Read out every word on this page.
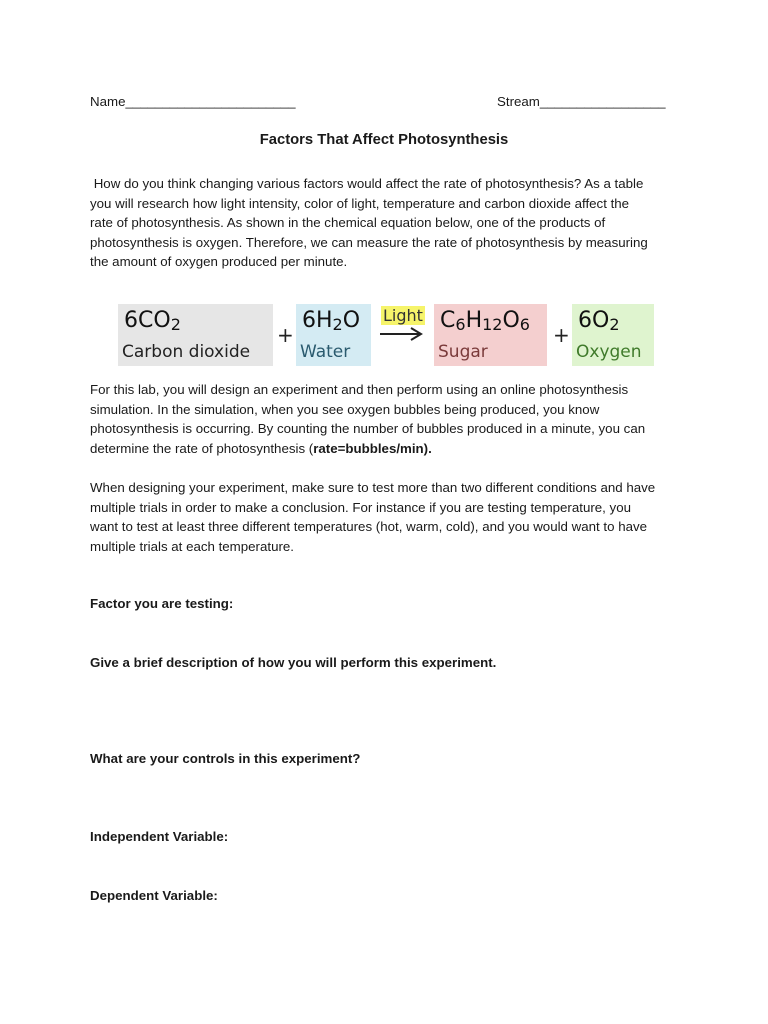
Name_______________________	Stream_________________
Factors That Affect Photosynthesis
How do you think changing various factors would affect the rate of photosynthesis? As a table
you will research how light intensity, color of light, temperature and carbon dioxide affect the
rate of photosynthesis. As shown in the chemical equation below, one of the products of
photosynthesis is oxygen. Therefore, we can measure the rate of photosynthesis by measuring
the amount of oxygen produced per minute.
$6CO_2$
Carbon dioxide
+
$6H_2O$
Water
Light $C_6H_{12}O_6$
Sugar
+
$6O_2$
Oxygen
For this lab, you will design an experiment and then perform using an online photosynthesis
simulation. In the simulation, when you see oxygen bubbles being produced, you know
photosynthesis is occurring. By counting the number of bubbles produced in a minute, you can
determine the rate of photosynthesis (rate=bubbles/min).
When designing your experiment, make sure to test more than two different conditions and have
multiple trials in order to make a conclusion. For instance if you are testing temperature, you
want to test at least three different temperatures (hot, warm, cold), and you would want to have
multiple trials at each temperature.
Factor you are testing:
Give a brief description of how you will perform this experiment.
What are your controls in this experiment?
Independent Variable:
Dependent Variable:
